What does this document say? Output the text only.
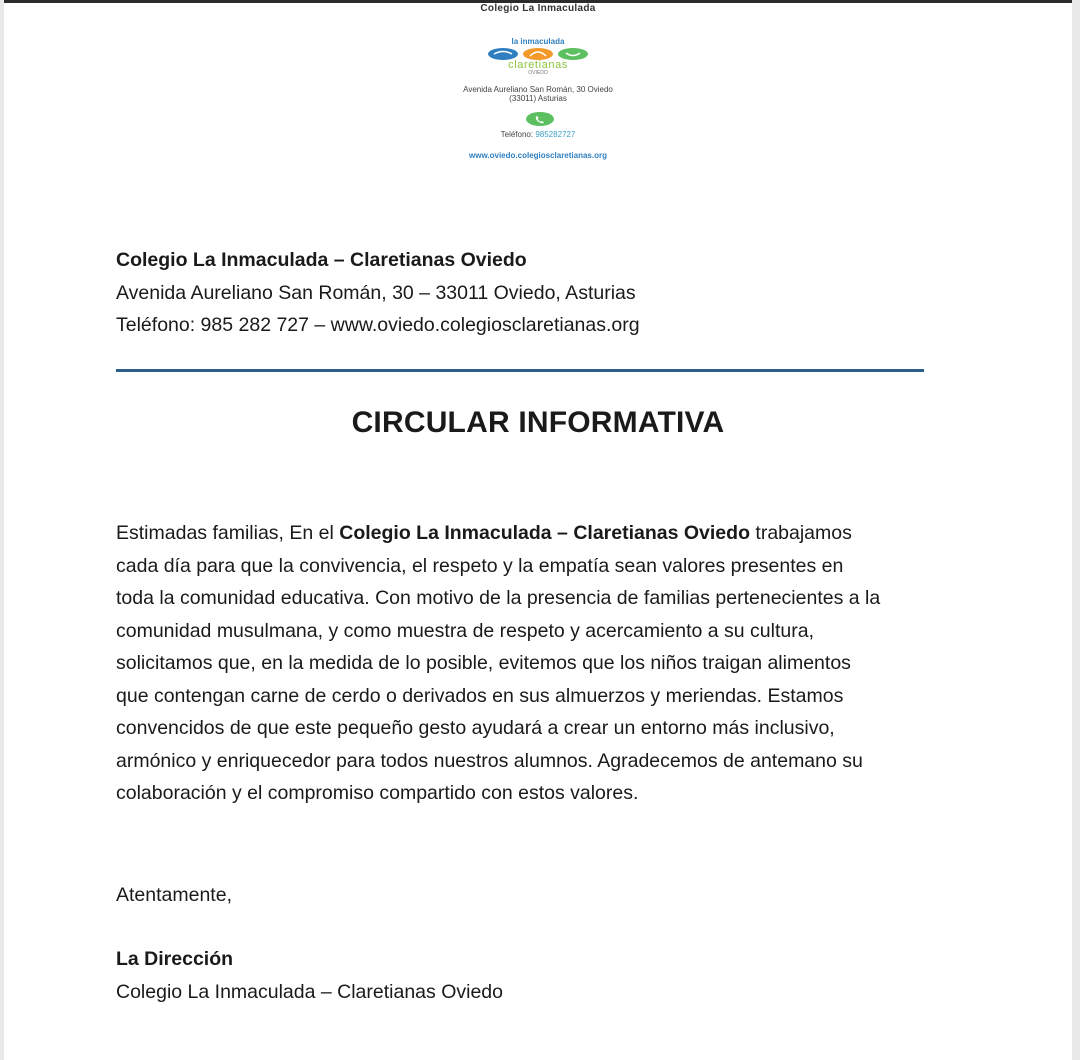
Colegio La Inmaculada
la inmaculada
claretianas
OVIEDO
Avenida Aureliano San Román, 30 Oviedo
(33011) Asturias
Teléfono: 985282727
www.oviedo.colegiosclaretianas.org
Colegio La Inmaculada – Claretianas Oviedo
Avenida Aureliano San Román, 30 – 33011 Oviedo, Asturias
Teléfono: 985 282 727 – www.oviedo.colegiosclaretianas.org
CIRCULAR INFORMATIVA
Estimadas familias, En el Colegio La Inmaculada – Claretianas Oviedo trabajamos
cada día para que la convivencia, el respeto y la empatía sean valores presentes en
toda la comunidad educativa. Con motivo de la presencia de familias pertenecientes a la
comunidad musulmana, y como muestra de respeto y acercamiento a su cultura,
solicitamos que, en la medida de lo posible, evitemos que los niños traigan alimentos
que contengan carne de cerdo o derivados en sus almuerzos y meriendas. Estamos
convencidos de que este pequeño gesto ayudará a crear un entorno más inclusivo,
armónico y enriquecedor para todos nuestros alumnos. Agradecemos de antemano su
colaboración y el compromiso compartido con estos valores.
Atentamente,
La Dirección
Colegio La Inmaculada – Claretianas Oviedo
